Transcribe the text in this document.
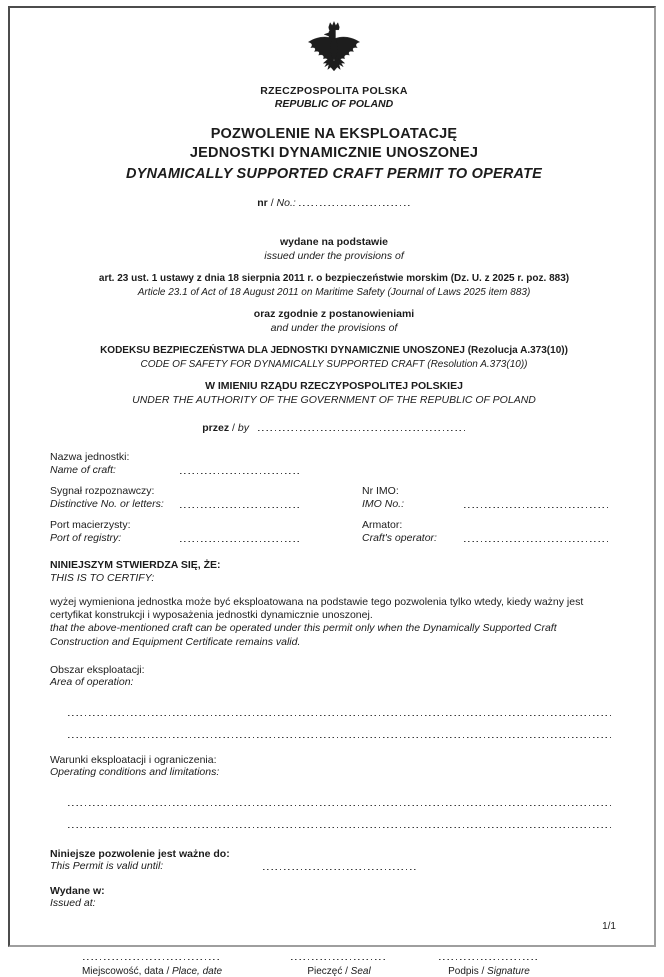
RZECZPOSPOLITA POLSKA
REPUBLIC OF POLAND
POZWOLENIE NA EKSPLOATACJĘ
JEDNOSTKI DYNAMICZNIE UNOSZONEJ
DYNAMICALLY SUPPORTED CRAFT PERMIT TO OPERATE
nr / No.:
wydane na podstawie
issued under the provisions of
art. 23 ust. 1 ustawy z dnia 18 sierpnia 2011 r. o bezpieczeństwie morskim (Dz. U. z 2025 r. poz. 883)
Article 23.1 of Act of 18 August 2011 on Maritime Safety (Journal of Laws 2025 item 883)
oraz zgodnie z postanowieniami
and under the provisions of
KODEKSU BEZPIECZEŃSTWA DLA JEDNOSTKI DYNAMICZNIE UNOSZONEJ (Rezolucja A.373(10))
CODE OF SAFETY FOR DYNAMICALLY SUPPORTED CRAFT (Resolution A.373(10))
W IMIENIU RZĄDU RZECZYPOSPOLITEJ POLSKIEJ
UNDER THE AUTHORITY OF THE GOVERNMENT OF THE REPUBLIC OF POLAND
przez / by
Nazwa jednostki:
Name of craft:
Sygnał rozpoznawczy:
Distinctive No. or letters:
Nr IMO:
IMO No.:
Port macierzysty:
Port of registry:
Armator:
Craft's operator:
NINIEJSZYM STWIERDZA SIĘ, ŻE:
THIS IS TO CERTIFY:
wyżej wymieniona jednostka może być eksploatowana na podstawie tego pozwolenia tylko wtedy, kiedy ważny jest certyfikat konstrukcji i wyposażenia jednostki dynamicznie unoszonej.
that the above-mentioned craft can be operated under this permit only when the Dynamically Supported Craft Construction and Equipment Certificate remains valid.
Obszar eksploatacji:
Area of operation:
Warunki eksploatacji i ograniczenia:
Operating conditions and limitations:
Niniejsze pozwolenie jest ważne do:
This Permit is valid until:
Wydane w:
Issued at:
Miejscowość, data / Place, date	Pieczęć / Seal	Podpis / Signature
1/1
